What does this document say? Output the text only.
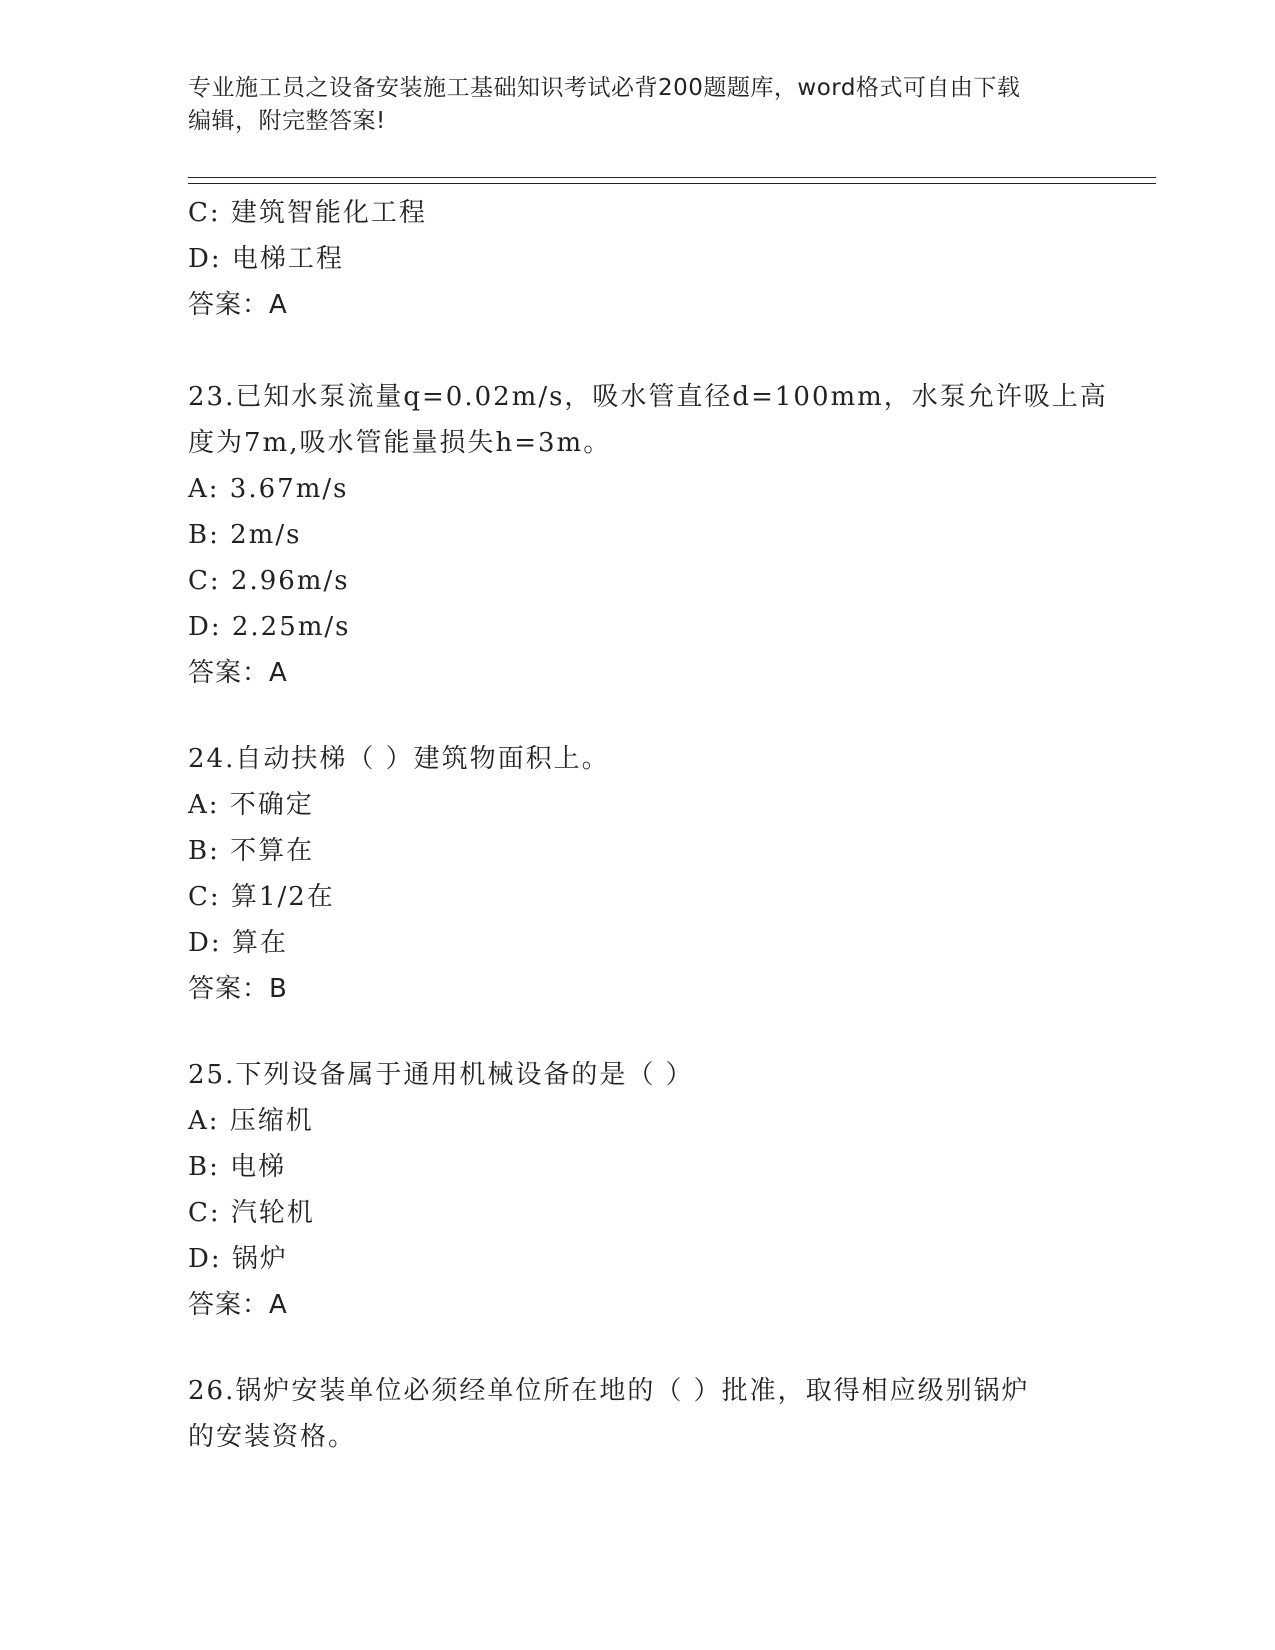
专业施工员之设备安装施工基础知识考试必背200题题库，word格式可自由下载
编辑，附完整答案!
C: 建筑智能化工程
D: 电梯工程
答案：A
23.已知水泵流量q=0.02m/s，吸水管直径d=100mm，水泵允许吸上高
度为7m,吸水管能量损失h=3m。
A: 3.67m/s
B: 2m/s
C: 2.96m/s
D: 2.25m/s
答案：A
24.自动扶梯（ ）建筑物面积上。
A: 不确定
B: 不算在
C: 算1/2在
D: 算在
答案：B
25.下列设备属于通用机械设备的是（ ）
A: 压缩机
B: 电梯
C: 汽轮机
D: 锅炉
答案：A
26.锅炉安装单位必须经单位所在地的（ ）批准，取得相应级别锅炉
的安装资格。
